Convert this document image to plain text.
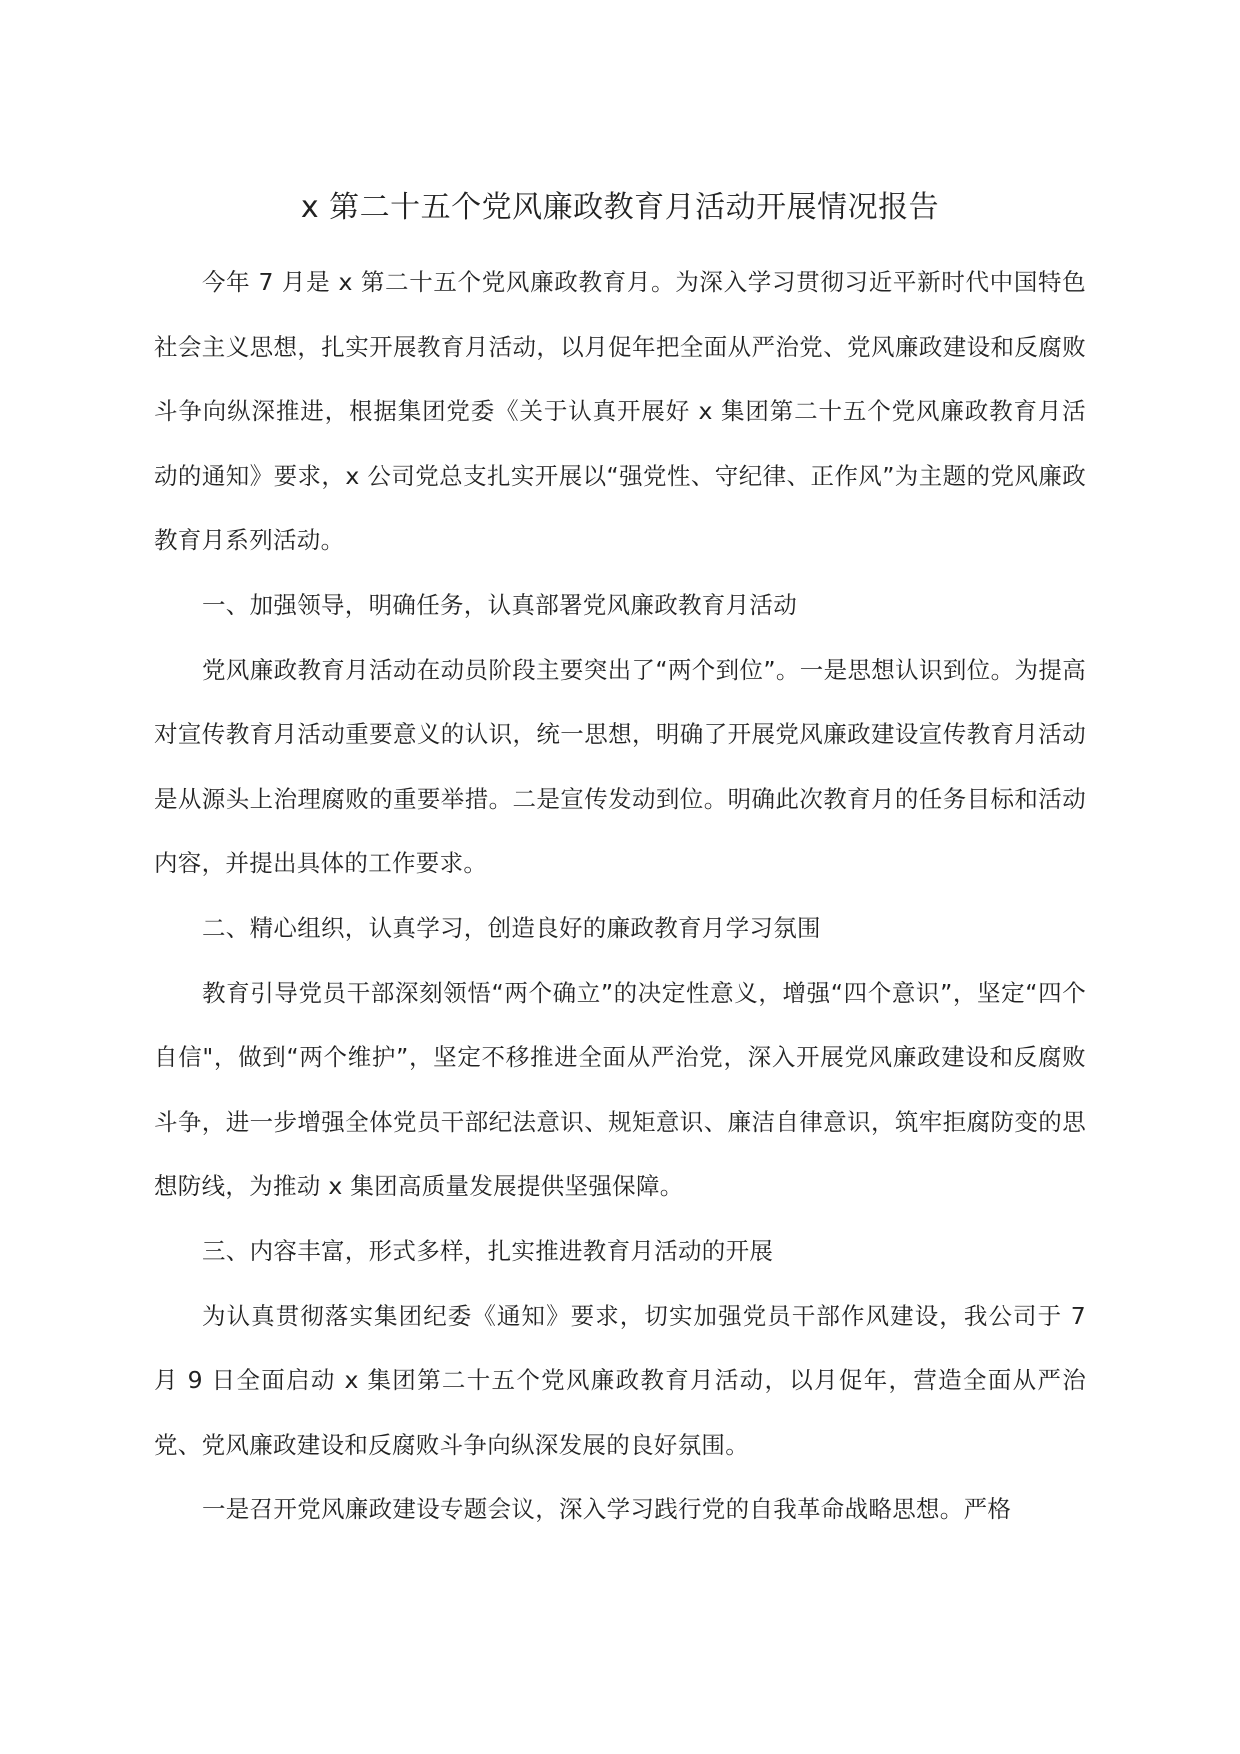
x 第二十五个党风廉政教育月活动开展情况报告

今年 7 月是 x 第二十五个党风廉政教育月。为深入学习贯彻习近平新时代中国特色社会主义思想，扎实开展教育月活动，以月促年把全面从严治党、党风廉政建设和反腐败斗争向纵深推进，根据集团党委《关于认真开展好 x 集团第二十五个党风廉政教育月活动的通知》要求，x 公司党总支扎实开展以“强党性、守纪律、正作风”为主题的党风廉政教育月系列活动。

一、加强领导，明确任务，认真部署党风廉政教育月活动

党风廉政教育月活动在动员阶段主要突出了“两个到位”。一是思想认识到位。为提高对宣传教育月活动重要意义的认识，统一思想，明确了开展党风廉政建设宣传教育月活动是从源头上治理腐败的重要举措。二是宣传发动到位。明确此次教育月的任务目标和活动内容，并提出具体的工作要求。

二、精心组织，认真学习，创造良好的廉政教育月学习氛围

教育引导党员干部深刻领悟“两个确立”的决定性意义，增强“四个意识”，坚定“四个自信"，做到“两个维护”，坚定不移推进全面从严治党，深入开展党风廉政建设和反腐败斗争，进一步增强全体党员干部纪法意识、规矩意识、廉洁自律意识，筑牢拒腐防变的思想防线，为推动 x 集团高质量发展提供坚强保障。

三、内容丰富，形式多样，扎实推进教育月活动的开展

为认真贯彻落实集团纪委《通知》要求，切实加强党员干部作风建设，我公司于 7 月 9 日全面启动 x 集团第二十五个党风廉政教育月活动，以月促年，营造全面从严治党、党风廉政建设和反腐败斗争向纵深发展的良好氛围。

一是召开党风廉政建设专题会议，深入学习践行党的自我革命战略思想。严格
